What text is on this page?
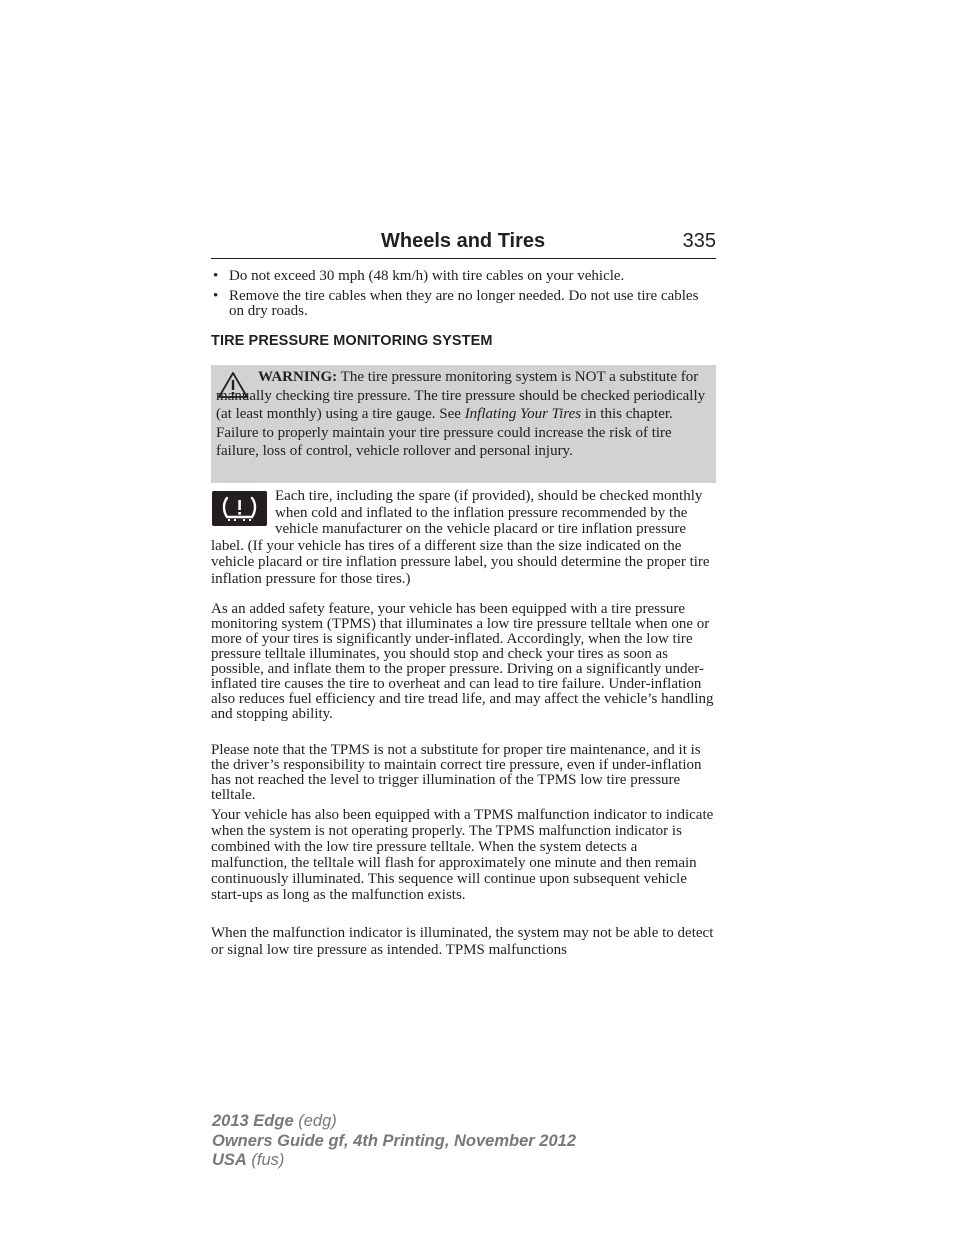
Wheels and Tires	335
• Do not exceed 30 mph (48 km/h) with tire cables on your vehicle.
• Remove the tire cables when they are no longer needed. Do not use tire cables on dry roads.
TIRE PRESSURE MONITORING SYSTEM
WARNING: The tire pressure monitoring system is NOT a substitute for manually checking tire pressure. The tire pressure should be checked periodically (at least monthly) using a tire gauge. See Inflating Your Tires in this chapter. Failure to properly maintain your tire pressure could increase the risk of tire failure, loss of control, vehicle rollover and personal injury.
Each tire, including the spare (if provided), should be checked monthly when cold and inflated to the inflation pressure recommended by the vehicle manufacturer on the vehicle placard or tire inflation pressure label. (If your vehicle has tires of a different size than the size indicated on the vehicle placard or tire inflation pressure label, you should determine the proper tire inflation pressure for those tires.)
As an added safety feature, your vehicle has been equipped with a tire pressure monitoring system (TPMS) that illuminates a low tire pressure telltale when one or more of your tires is significantly under-inflated. Accordingly, when the low tire pressure telltale illuminates, you should stop and check your tires as soon as possible, and inflate them to the proper pressure. Driving on a significantly under-inflated tire causes the tire to overheat and can lead to tire failure. Under-inflation also reduces fuel efficiency and tire tread life, and may affect the vehicle’s handling and stopping ability.
Please note that the TPMS is not a substitute for proper tire maintenance, and it is the driver’s responsibility to maintain correct tire pressure, even if under-inflation has not reached the level to trigger illumination of the TPMS low tire pressure telltale.
Your vehicle has also been equipped with a TPMS malfunction indicator to indicate when the system is not operating properly. The TPMS malfunction indicator is combined with the low tire pressure telltale. When the system detects a malfunction, the telltale will flash for approximately one minute and then remain continuously illuminated. This sequence will continue upon subsequent vehicle start-ups as long as the malfunction exists.
When the malfunction indicator is illuminated, the system may not be able to detect or signal low tire pressure as intended. TPMS malfunctions
2013 Edge (edg)
Owners Guide gf, 4th Printing, November 2012
USA (fus)
